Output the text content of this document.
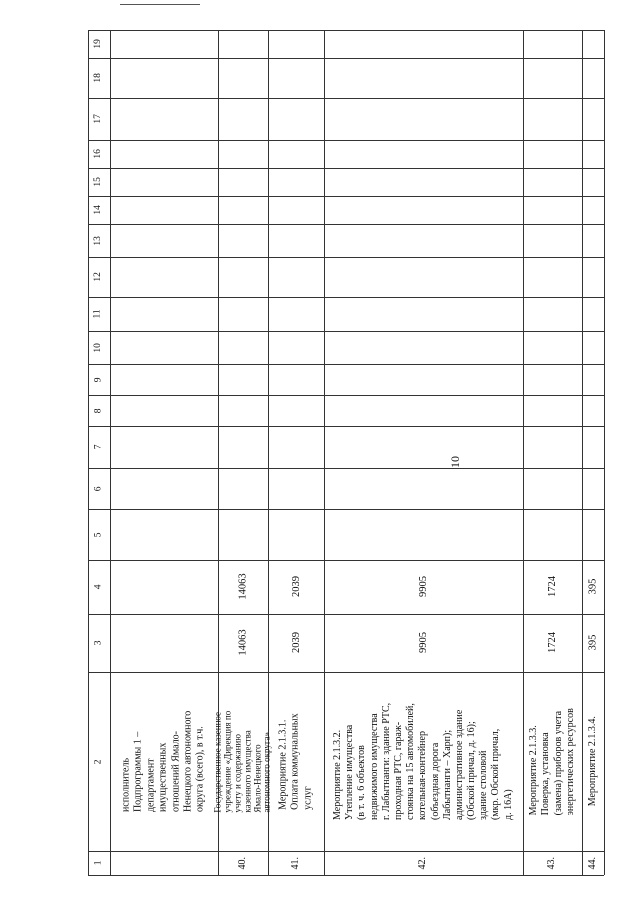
10
19
18
17
16
15
14
13
12
11
10
9
8
7
6
5
4
3
2
1
исполнитель Подпрограммы 1 – департамент имущественных отношений Ямало- Ненецкого автономного округа (всего), в т.ч.
40.
Государственное казенное учреждение «Дирекция по учету и содержанию казенного имущества Ямало-Ненецкого автономного округа»
14063
14063
41.
Мероприятие 2.1.3.1. Оплата коммунальных услуг
2039
2039
42.
Мероприятие 2.1.3.2. Утепление имущества (в т. ч. 6 объектов недвижимого имущества г. Лабытнанги: здание РТС, проходная РТС, гараж- стоянка на 15 автомобилей, котельная-контейнер (объездная дорога Лабытнанги – Харп); административное здание (Обской причал, д. 16); здание столовой (мкр. Обской причал, д. 16А)
9905
9905
43.
Мероприятие 2.1.3.3. Поверка, установка (замена) приборов учета энергетических ресурсов
1724
1724
44.
Мероприятие 2.1.3.4.
395
395
